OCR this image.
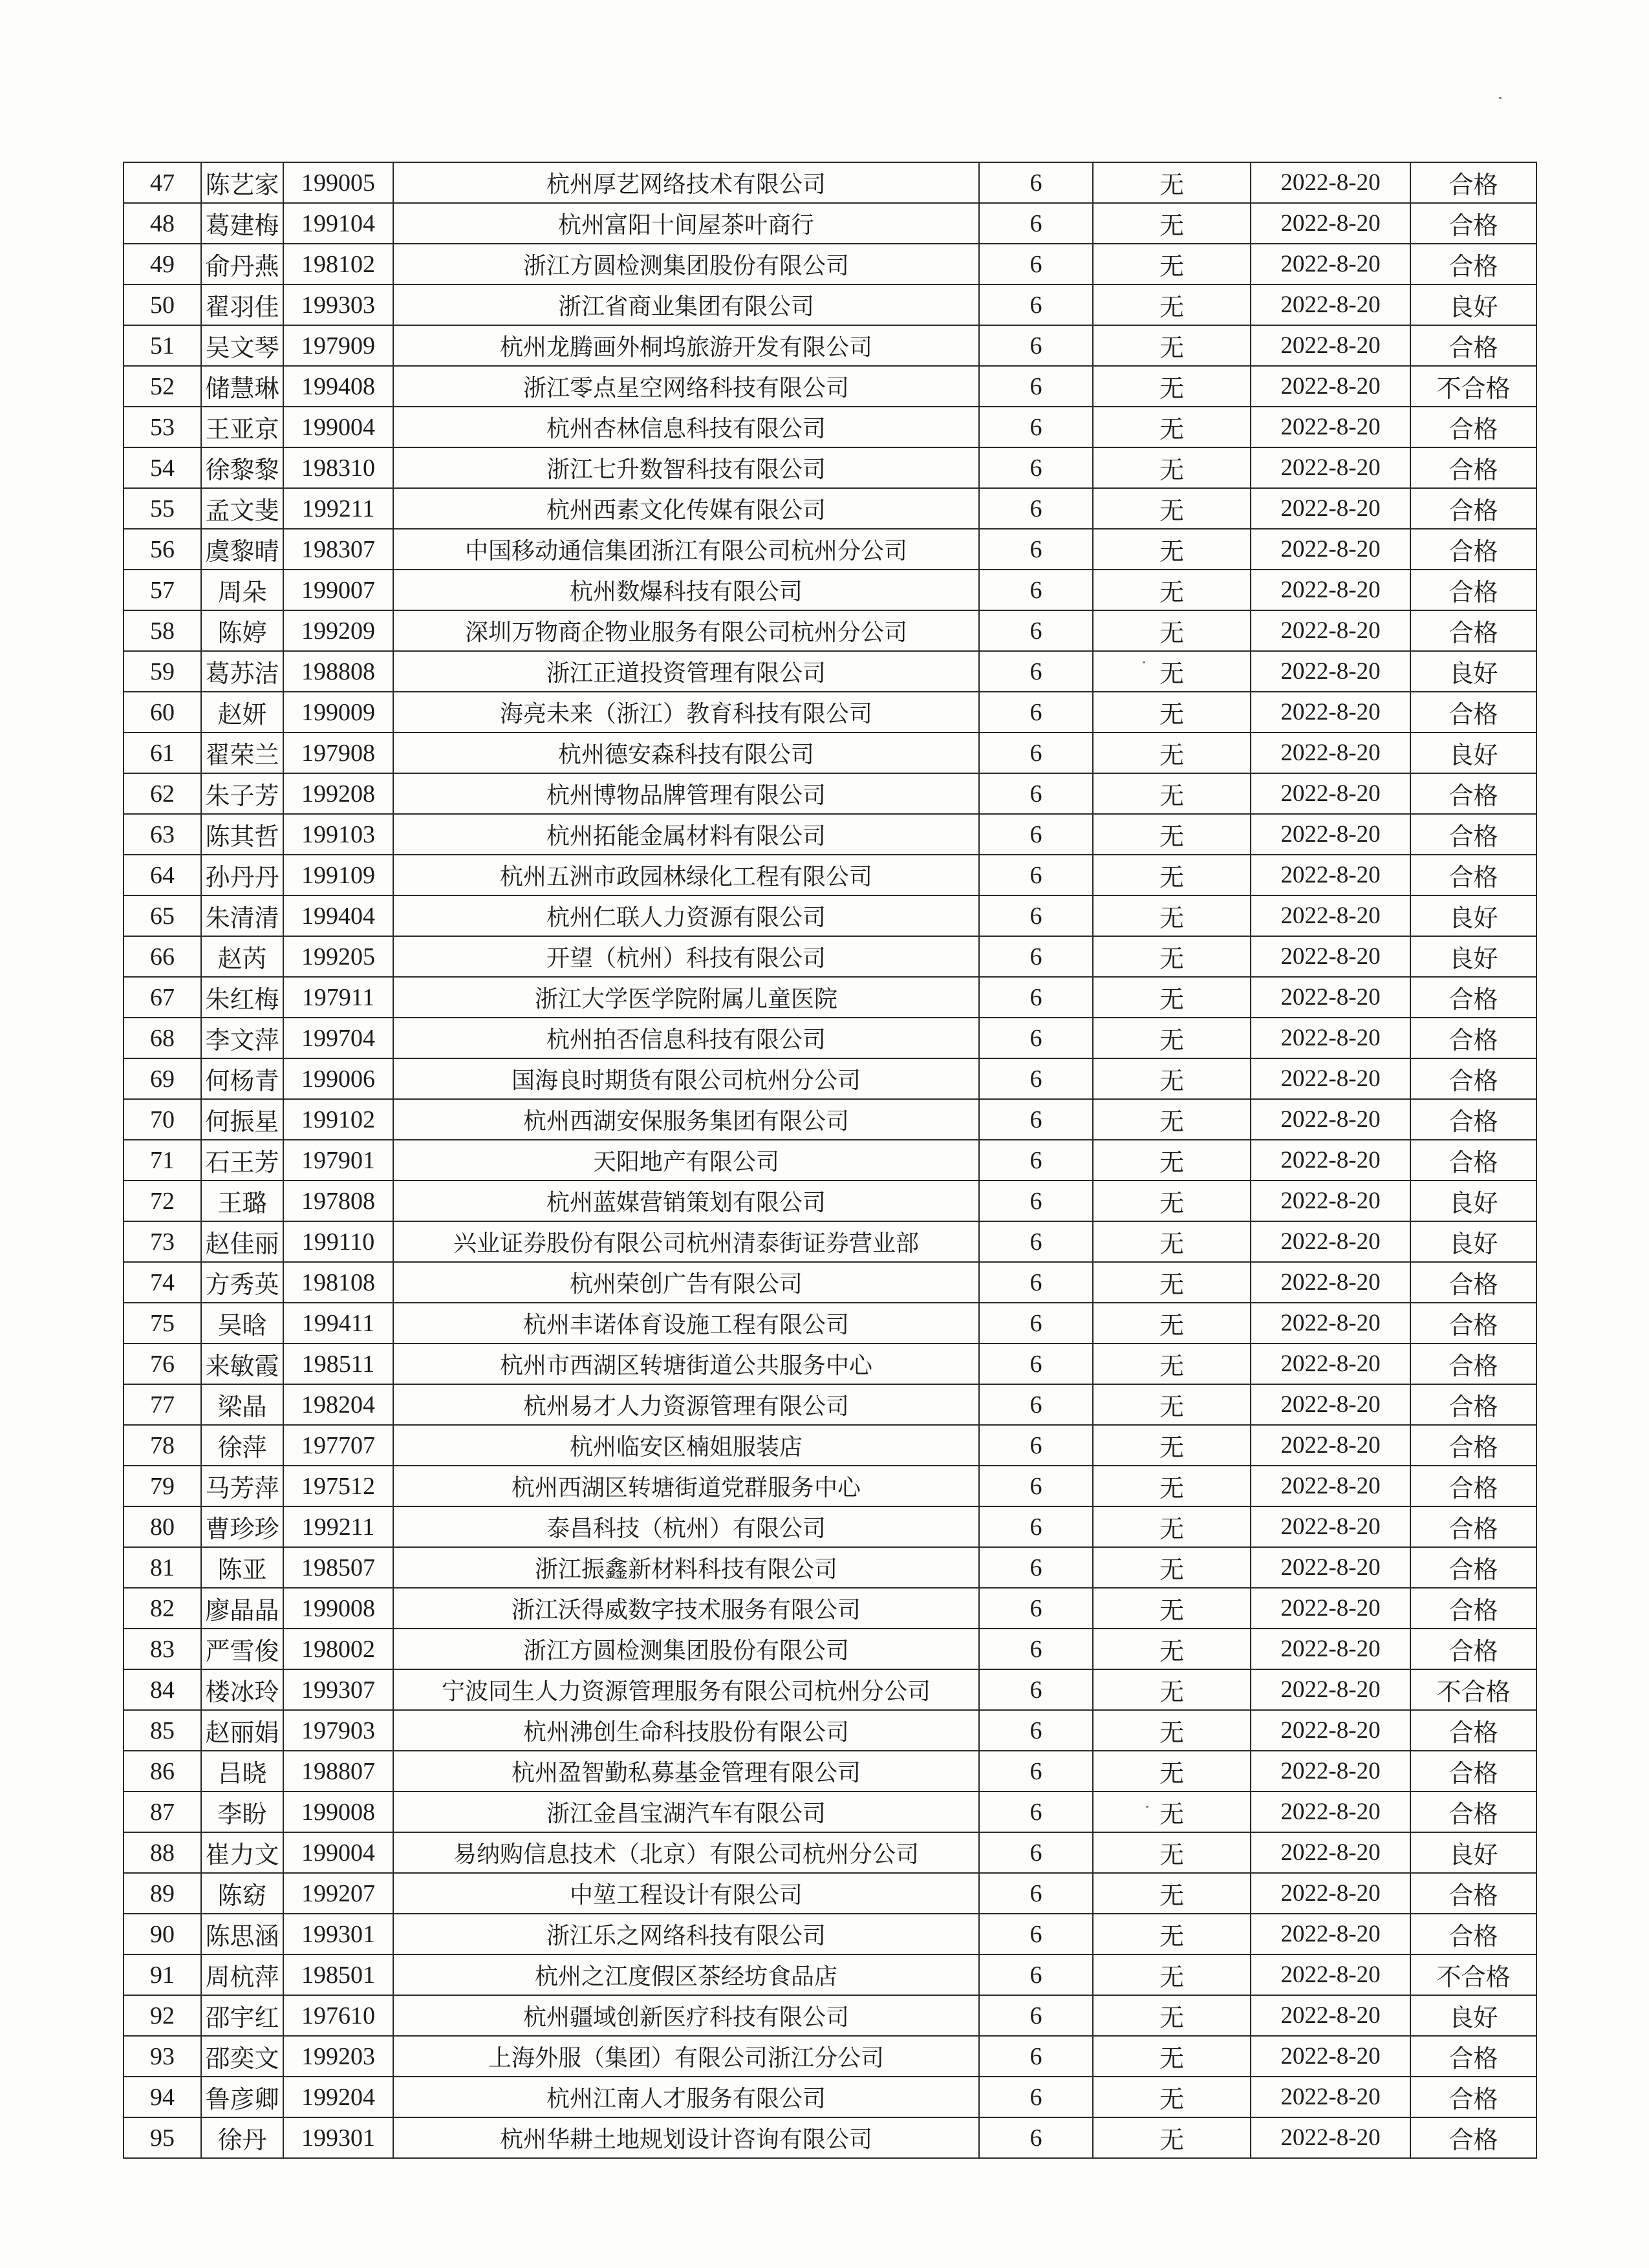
47	陈艺家	199005	杭州厚艺网络技术有限公司	6	无	2022-8-20	合格
48	葛建梅	199104	杭州富阳十间屋茶叶商行	6	无	2022-8-20	合格
49	俞丹燕	198102	浙江方圆检测集团股份有限公司	6	无	2022-8-20	合格
50	翟羽佳	199303	浙江省商业集团有限公司	6	无	2022-8-20	良好
51	吴文琴	197909	杭州龙腾画外桐坞旅游开发有限公司	6	无	2022-8-20	合格
52	储慧琳	199408	浙江零点星空网络科技有限公司	6	无	2022-8-20	不合格
53	王亚京	199004	杭州杏林信息科技有限公司	6	无	2022-8-20	合格
54	徐黎黎	198310	浙江七升数智科技有限公司	6	无	2022-8-20	合格
55	孟文斐	199211	杭州西素文化传媒有限公司	6	无	2022-8-20	合格
56	虞黎晴	198307	中国移动通信集团浙江有限公司杭州分公司	6	无	2022-8-20	合格
57	周朵	199007	杭州数爆科技有限公司	6	无	2022-8-20	合格
58	陈婷	199209	深圳万物商企物业服务有限公司杭州分公司	6	无	2022-8-20	合格
59	葛苏洁	198808	浙江正道投资管理有限公司	6	无	2022-8-20	良好
60	赵妍	199009	海亮未来（浙江）教育科技有限公司	6	无	2022-8-20	合格
61	翟荣兰	197908	杭州德安森科技有限公司	6	无	2022-8-20	良好
62	朱子芳	199208	杭州博物品牌管理有限公司	6	无	2022-8-20	合格
63	陈其哲	199103	杭州拓能金属材料有限公司	6	无	2022-8-20	合格
64	孙丹丹	199109	杭州五洲市政园林绿化工程有限公司	6	无	2022-8-20	合格
65	朱清清	199404	杭州仁联人力资源有限公司	6	无	2022-8-20	良好
66	赵芮	199205	开望（杭州）科技有限公司	6	无	2022-8-20	良好
67	朱红梅	197911	浙江大学医学院附属儿童医院	6	无	2022-8-20	合格
68	李文萍	199704	杭州拍否信息科技有限公司	6	无	2022-8-20	合格
69	何杨青	199006	国海良时期货有限公司杭州分公司	6	无	2022-8-20	合格
70	何振星	199102	杭州西湖安保服务集团有限公司	6	无	2022-8-20	合格
71	石王芳	197901	天阳地产有限公司	6	无	2022-8-20	合格
72	王璐	197808	杭州蓝媒营销策划有限公司	6	无	2022-8-20	良好
73	赵佳丽	199110	兴业证券股份有限公司杭州清泰街证券营业部	6	无	2022-8-20	良好
74	方秀英	198108	杭州荣创广告有限公司	6	无	2022-8-20	合格
75	吴晗	199411	杭州丰诺体育设施工程有限公司	6	无	2022-8-20	合格
76	来敏霞	198511	杭州市西湖区转塘街道公共服务中心	6	无	2022-8-20	合格
77	梁晶	198204	杭州易才人力资源管理有限公司	6	无	2022-8-20	合格
78	徐萍	197707	杭州临安区楠姐服装店	6	无	2022-8-20	合格
79	马芳萍	197512	杭州西湖区转塘街道党群服务中心	6	无	2022-8-20	合格
80	曹珍珍	199211	泰昌科技（杭州）有限公司	6	无	2022-8-20	合格
81	陈亚	198507	浙江振鑫新材料科技有限公司	6	无	2022-8-20	合格
82	廖晶晶	199008	浙江沃得威数字技术服务有限公司	6	无	2022-8-20	合格
83	严雪俊	198002	浙江方圆检测集团股份有限公司	6	无	2022-8-20	合格
84	楼冰玲	199307	宁波同生人力资源管理服务有限公司杭州分公司	6	无	2022-8-20	不合格
85	赵丽娟	197903	杭州沸创生命科技股份有限公司	6	无	2022-8-20	合格
86	吕晓	198807	杭州盈智勤私募基金管理有限公司	6	无	2022-8-20	合格
87	李盼	199008	浙江金昌宝湖汽车有限公司	6	无	2022-8-20	合格
88	崔力文	199004	易纳购信息技术（北京）有限公司杭州分公司	6	无	2022-8-20	良好
89	陈窈	199207	中堃工程设计有限公司	6	无	2022-8-20	合格
90	陈思涵	199301	浙江乐之网络科技有限公司	6	无	2022-8-20	合格
91	周杭萍	198501	杭州之江度假区茶经坊食品店	6	无	2022-8-20	不合格
92	邵宇红	197610	杭州疆域创新医疗科技有限公司	6	无	2022-8-20	良好
93	邵奕文	199203	上海外服（集团）有限公司浙江分公司	6	无	2022-8-20	合格
94	鲁彦卿	199204	杭州江南人才服务有限公司	6	无	2022-8-20	合格
95	徐丹	199301	杭州华耕土地规划设计咨询有限公司	6	无	2022-8-20	合格
